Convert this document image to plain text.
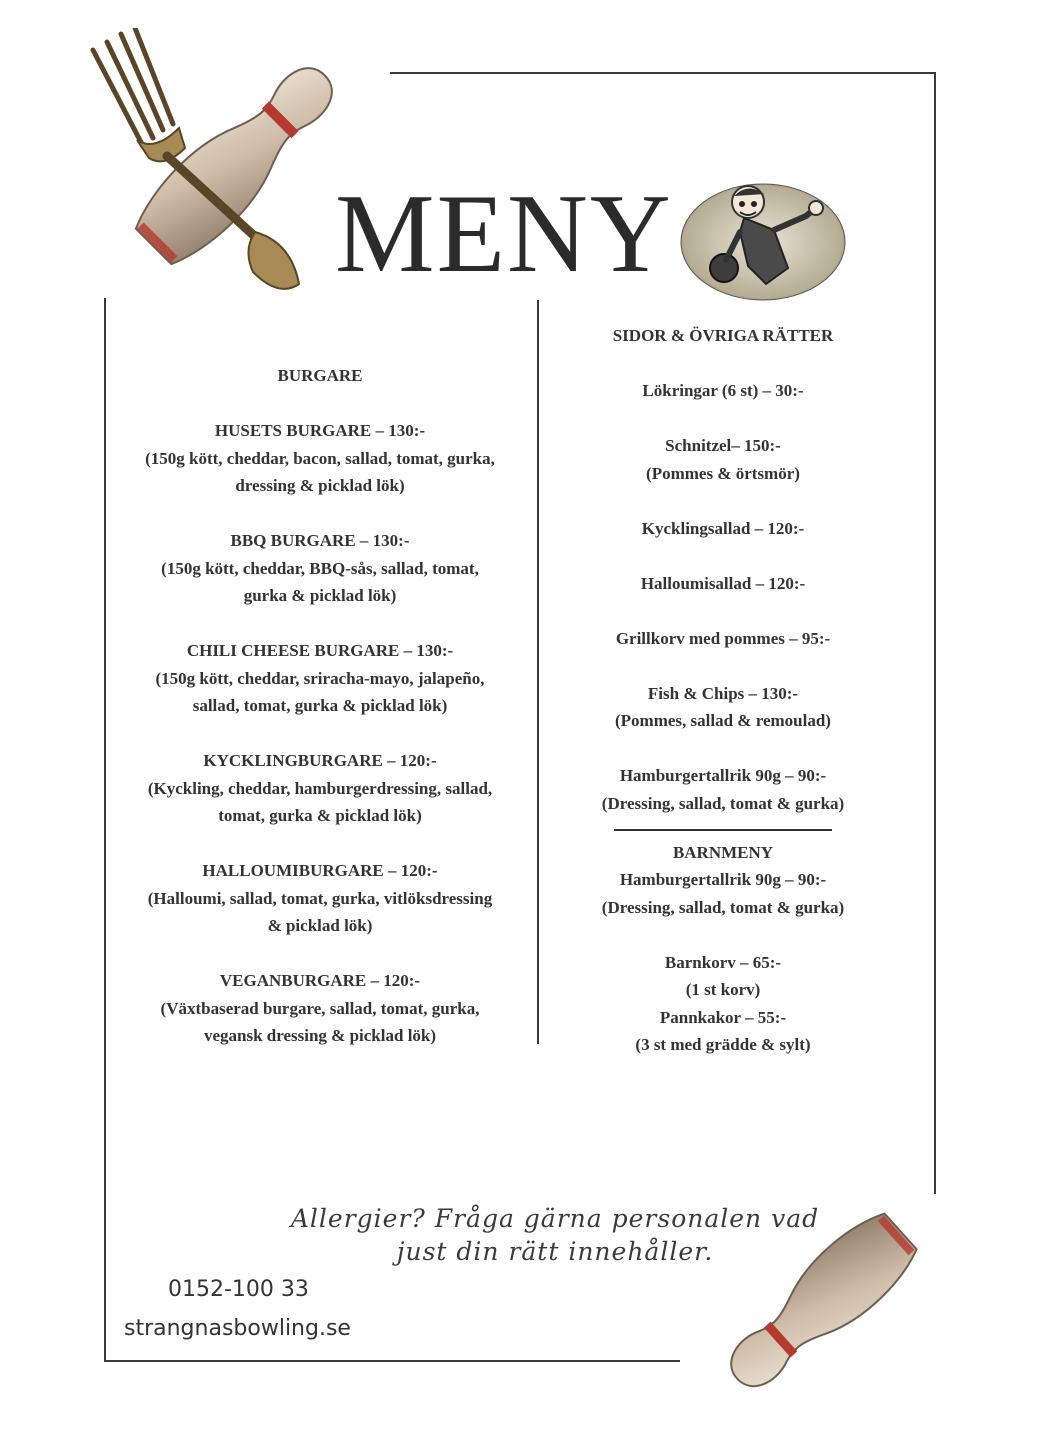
MENY
BURGARE
HUSETS BURGARE – 130:-
(150g kött, cheddar, bacon, sallad, tomat, gurka,
dressing & picklad lök)
BBQ BURGARE – 130:-
(150g kött, cheddar, BBQ-sås, sallad, tomat,
gurka & picklad lök)
CHILI CHEESE BURGARE – 130:-
(150g kött, cheddar, sriracha-mayo, jalapeño,
sallad, tomat, gurka & picklad lök)
KYCKLINGBURGARE – 120:-
(Kyckling, cheddar, hamburgerdressing, sallad,
tomat, gurka & picklad lök)
HALLOUMIBURGARE – 120:-
(Halloumi, sallad, tomat, gurka, vitlöksdressing
& picklad lök)
VEGANBURGARE – 120:-
(Växtbaserad burgare, sallad, tomat, gurka,
vegansk dressing & picklad lök)
SIDOR & ÖVRIGA RÄTTER
Lökringar (6 st) – 30:-
Schnitzel– 150:-
(Pommes & örtsmör)
Kycklingsallad – 120:-
Halloumisallad – 120:-
Grillkorv med pommes – 95:-
Fish & Chips – 130:-
(Pommes, sallad & remoulad)
Hamburgertallrik 90g – 90:-
(Dressing, sallad, tomat & gurka)
BARNMENY
Hamburgertallrik 90g – 90:-
(Dressing, sallad, tomat & gurka)
Barnkorv – 65:-
(1 st korv)
Pannkakor – 55:-
(3 st med grädde & sylt)
Allergier? Fråga gärna personalen vad
just din rätt innehåller.
0152-100 33
strangnasbowling.se
